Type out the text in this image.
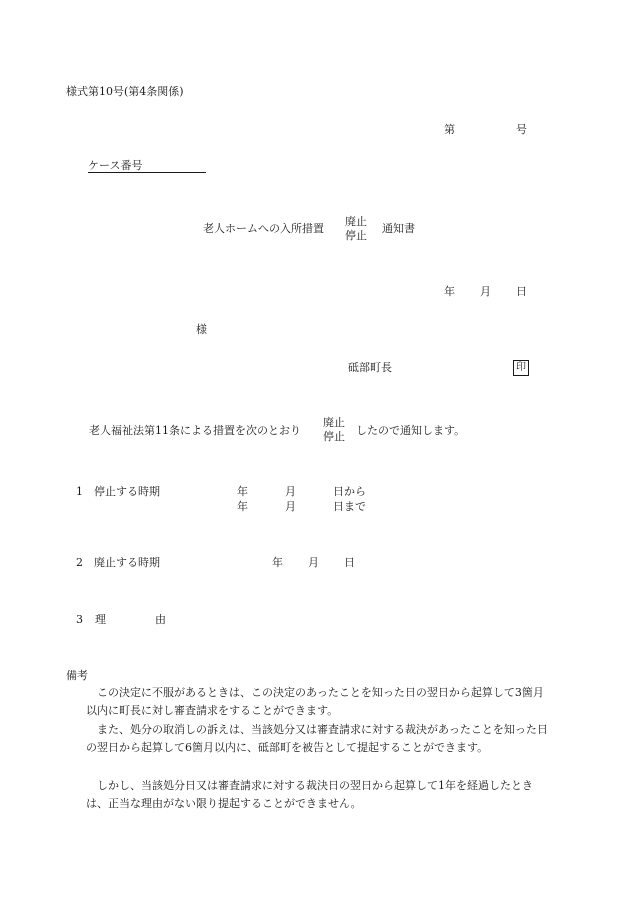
様式第10号(第4条関係)
第	号
ケース番号
老人ホームへの入所措置
廃止
停止
通知書
年 月 日
様
砥部町長	印
老人福祉法第11条による措置を次のとおり
廃止
停止 したので通知します。
1　停止する時期	年	月	日から
年	月	日まで
2　廃止する時期	年 月 日
3 理	由
備考
この決定に不服があるときは、この決定のあったことを知った日の翌日から起算して3箇月以内に町長に対し審査請求をすることができます。
また、処分の取消しの訴えは、当該処分又は審査請求に対する裁決があったことを知った日の翌日から起算して6箇月以内に、砥部町を被告として提起することができます。
しかし、当該処分日又は審査請求に対する裁決日の翌日から起算して1年を経過したときは、正当な理由がない限り提起することができません。
